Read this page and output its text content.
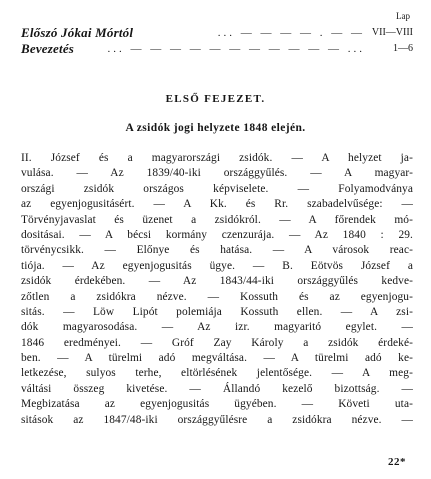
Lap
Előszó Jókai Mórtól	... — — — — . — — VII—VIII
Bevezetés	... — — — — — — — — — — — ...	1—6
ELSŐ FEJEZET.
A zsidók jogi helyzete 1848 elején.
II. József és a magyarországi zsidók. — A helyzet ja-
vulása. — Az 1839/40-iki országgyűlés. — A magyar-
országi zsidók országos képviselete. — Folyamodványa
az egyenjogusitásért. — A Kk. és Rr. szabadelvűsége: —
Törvényjavaslat és üzenet a zsidókról. — A főrendek mó-
dositásai. — A bécsi kormány czenzurája. — Az 1840 : 29.
törvénycsikk. — Előnye és hatása. — A városok reac-
tiója. — Az egyenjogusitás ügye. — B. Eötvös József a
zsidók érdekében. — Az 1843/44-iki országgyűlés kedve-
zőtlen a zsidókra nézve. — Kossuth és az egyenjogu-
sitás. — Löw Lipót polemiája Kossuth ellen. — A zsi-
dók magyarosodása. — Az izr. magyaritó egylet. —
1846 eredményei. — Gróf Zay Károly a zsidók érdeké-
ben. — A türelmi adó megváltása. — A türelmi adó ke-
letkezése, sulyos terhe, eltörlésének jelentősége. — A meg-
váltási összeg kivetése. — Állandó kezelő bizottság. —
Megbizatása az egyenjogusitás ügyében. — Követi uta-
sitások az 1847/48-iki országgyűlésre a zsidókra nézve. —
22*
